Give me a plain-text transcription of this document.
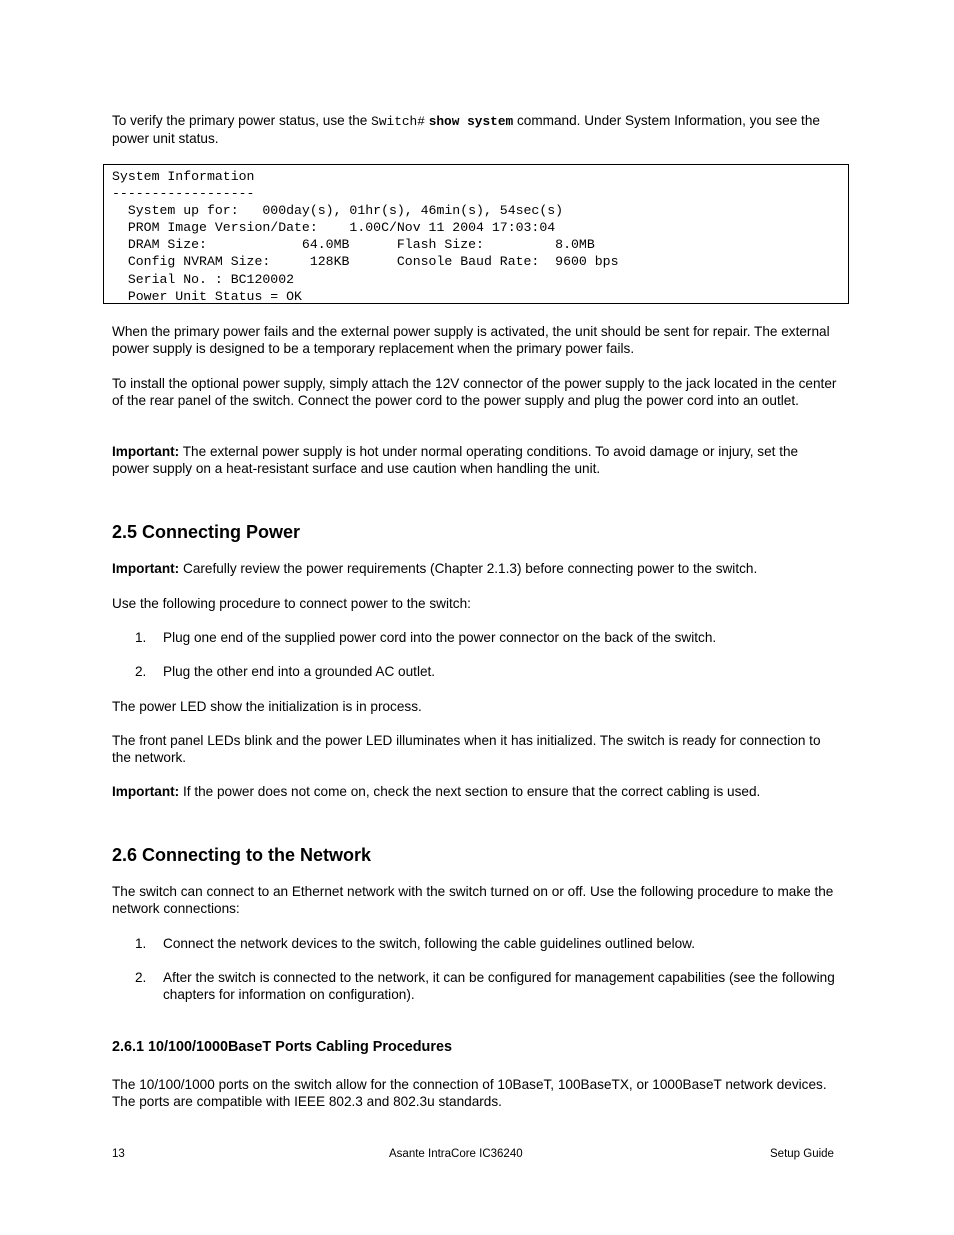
To verify the primary power status, use the Switch# show system command. Under System Information, you see the power unit status.

System Information
------------------
System up for:   000day(s), 01hr(s), 46min(s), 54sec(s)
PROM Image Version/Date:    1.00C/Nov 11 2004 17:03:04
DRAM Size:            64.0MB      Flash Size:         8.0MB
Config NVRAM Size:     128KB      Console Baud Rate:  9600 bps
Serial No. : BC120002
Power Unit Status = OK

When the primary power fails and the external power supply is activated, the unit should be sent for repair. The external power supply is designed to be a temporary replacement when the primary power fails.

To install the optional power supply, simply attach the 12V connector of the power supply to the jack located in the center of the rear panel of the switch. Connect the power cord to the power supply and plug the power cord into an outlet.

Important: The external power supply is hot under normal operating conditions. To avoid damage or injury, set the power supply on a heat-resistant surface and use caution when handling the unit.

2.5 Connecting Power

Important: Carefully review the power requirements (Chapter 2.1.3) before connecting power to the switch.

Use the following procedure to connect power to the switch:

1. Plug one end of the supplied power cord into the power connector on the back of the switch.
2. Plug the other end into a grounded AC outlet.

The power LED show the initialization is in process.

The front panel LEDs blink and the power LED illuminates when it has initialized. The switch is ready for connection to the network.

Important: If the power does not come on, check the next section to ensure that the correct cabling is used.

2.6 Connecting to the Network

The switch can connect to an Ethernet network with the switch turned on or off. Use the following procedure to make the network connections:

1. Connect the network devices to the switch, following the cable guidelines outlined below.
2. After the switch is connected to the network, it can be configured for management capabilities (see the following chapters for information on configuration).
2.6.1 10/100/1000BaseT Ports Cabling Procedures

The 10/100/1000 ports on the switch allow for the connection of 10BaseT, 100BaseTX, or 1000BaseT network devices. The ports are compatible with IEEE 802.3 and 802.3u standards.

13	Asante IntraCore IC36240	Setup Guide
